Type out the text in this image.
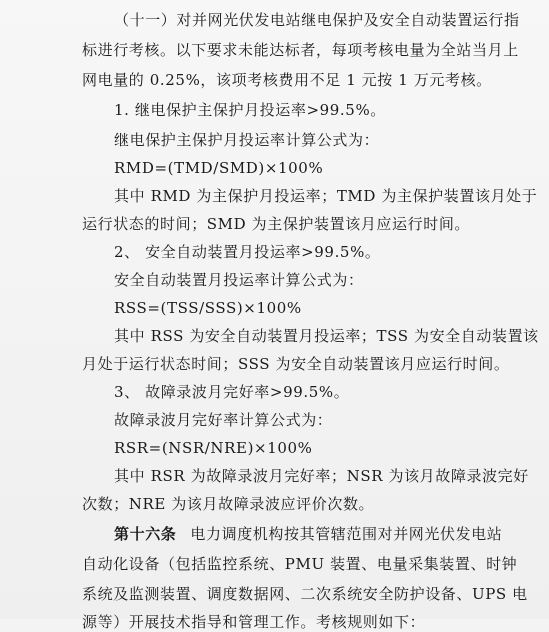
（十一）对并网光伏发电站继电保护及安全自动装置运行指
标进行考核。以下要求未能达标者，每项考核电量为全站当月上
网电量的 0.25%，该项考核费用不足 1 元按 1 万元考核。
1. 继电保护主保护月投运率>99.5%。
继电保护主保护月投运率计算公式为：
RMD=(TMD/SMD)×100%
其中 RMD 为主保护月投运率；TMD 为主保护装置该月处于
运行状态的时间；SMD 为主保护装置该月应运行时间。
2、 安全自动装置月投运率>99.5%。
安全自动装置月投运率计算公式为：
RSS=(TSS/SSS)×100%
其中 RSS 为安全自动装置月投运率；TSS 为安全自动装置该
月处于运行状态时间；SSS 为安全自动装置该月应运行时间。
3、 故障录波月完好率>99.5%。
故障录波月完好率计算公式为：
RSR=(NSR/NRE)×100%
其中 RSR 为故障录波月完好率；NSR 为该月故障录波完好
次数；NRE 为该月故障录波应评价次数。
第十六条 电力调度机构按其管辖范围对并网光伏发电站
自动化设备（包括监控系统、PMU 装置、电量采集装置、时钟
系统及监测装置、调度数据网、二次系统安全防护设备、UPS 电
源等）开展技术指导和管理工作。考核规则如下：
